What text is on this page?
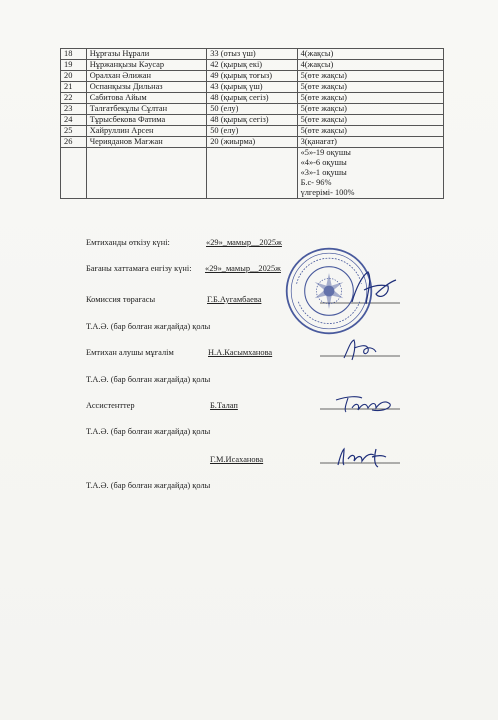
18	Нұрғазы Нұрали	33 (отыз үш)	4(жақсы)
19	Нұржанқызы Кәусар	42 (қырық екі)	4(жақсы)
20	Оралхан Әлижан	49 (қырық тоғыз)	5(өте жақсы)
21	Оспанқызы Дильназ	43 (қырық үш)	5(өте жақсы)
22	Сабитова Айым	48 (қырық сегіз)	5(өте жақсы)
23	Талғатбекұлы Сұлтан	50 (елу)	5(өте жақсы)
24	Тұрысбекова Фатима	48 (қырық сегіз)	5(өте жақсы)
25	Хайруллин Арсен	50 (елу)	5(өте жақсы)
26	Черияданов Мағжан	20 (жиырма)	3(қанағат)

			«5»-19 оқушы
«4»-6 оқушы
«3»-1 оқушы
Б.с- 96%
үлгерімі- 100%
Емтиханды өткізу күні:	«29»_мамыр__2025ж
Бағаны хаттамаға енгізу күні: «29»_мамыр__2025ж
Комиссия төрағасы	Г.Б.Аугамбаева
Т.А.Ә. (бар болған жағдайда) қолы
Емтихан алушы мұғалім	Н.А.Касымханова
Т.А.Ә. (бар болған жағдайда) қолы
Ассистенттер	Б.Талап
Т.А.Ә. (бар болған жағдайда) қолы
Г.М.Исаханова
Т.А.Ә. (бар болған жағдайда) қолы
